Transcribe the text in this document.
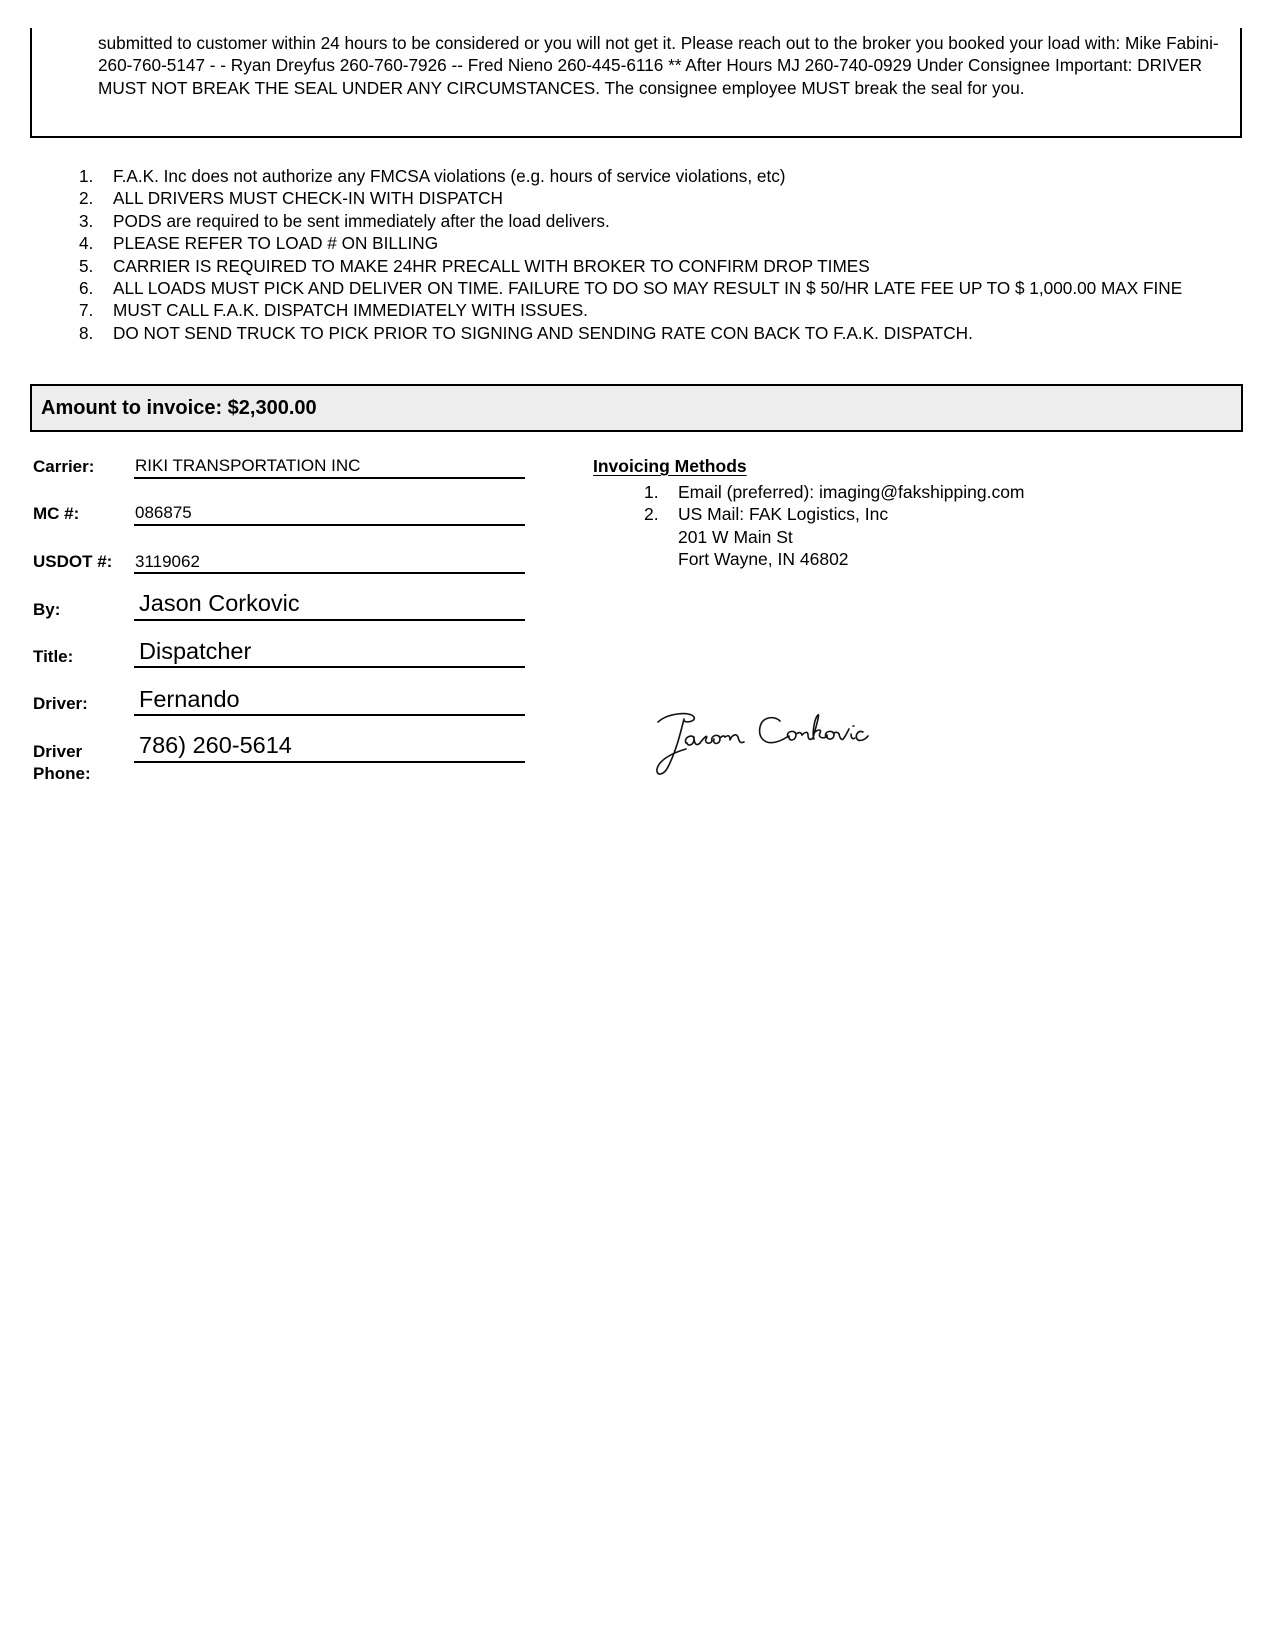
submitted to customer within 24 hours to be considered or you will not get it. Please reach out to the broker you booked your load with: Mike Fabini- 260-760-5147 - - Ryan Dreyfus 260-760-7926 -- Fred Nieno 260-445-6116 ** After Hours MJ 260-740-0929 Under Consignee Important: DRIVER MUST NOT BREAK THE SEAL UNDER ANY CIRCUMSTANCES. The consignee employee MUST break the seal for you.
1. F.A.K. Inc does not authorize any FMCSA violations (e.g. hours of service violations, etc)
2. ALL DRIVERS MUST CHECK-IN WITH DISPATCH
3. PODS are required to be sent immediately after the load delivers.
4. PLEASE REFER TO LOAD # ON BILLING
5. CARRIER IS REQUIRED TO MAKE 24HR PRECALL WITH BROKER TO CONFIRM DROP TIMES
6. ALL LOADS MUST PICK AND DELIVER ON TIME. FAILURE TO DO SO MAY RESULT IN $ 50/HR LATE FEE UP TO $ 1,000.00 MAX FINE
7. MUST CALL F.A.K. DISPATCH IMMEDIATELY WITH ISSUES.
8. DO NOT SEND TRUCK TO PICK PRIOR TO SIGNING AND SENDING RATE CON BACK TO F.A.K. DISPATCH.
Amount to invoice: $2,300.00
Carrier: RIKI TRANSPORTATION INC
MC #:	086875
USDOT #: 3119062
By:	Jason Corkovic
Title:	Dispatcher
Driver: Fernando
Driver
Phone:
786) 260-5614
Invoicing Methods
1. Email (preferred): imaging@fakshipping.com
2. US Mail: FAK Logistics, Inc
201 W Main St
Fort Wayne, IN 46802
Jason Corkovic
